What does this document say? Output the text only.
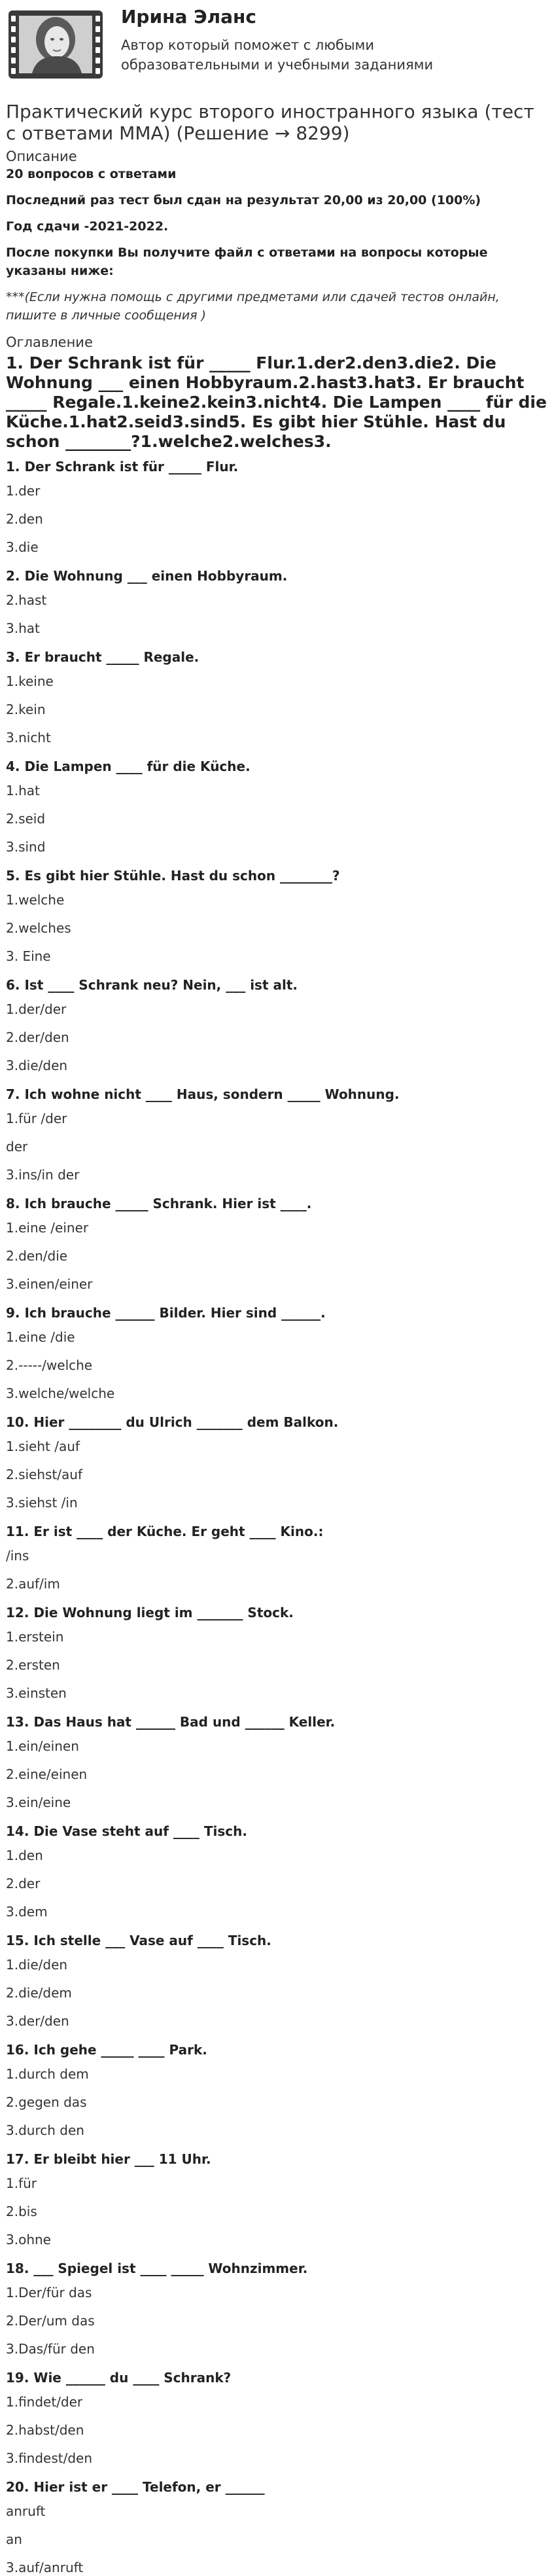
Ирина Эланс
Автор который поможет с любыми образовательными и учебными заданиями
Практический курс второго иностранного языка (тест с ответами ММА) (Решение → 8299)
Описание

20 вопросов с ответами

Последний раз тест был сдан на результат 20,00 из 20,00 (100%)

Год сдачи -2021-2022.

После покупки Вы получите файл с ответами на вопросы которые указаны ниже:

***(Если нужна помощь с другими предметами или сдачей тестов онлайн, пишите в личные сообщения )

Оглавление
1. Der Schrank ist für _____ Flur.1.der2.den3.die2. Die Wohnung ___ einen Hobbyraum.2.hast3.hat3. Er braucht _____ Regale.1.keine2.kein3.nicht4. Die Lampen ____ für die Küche.1.hat2.seid3.sind5. Es gibt hier Stühle. Hast du schon ________?1.welche2.welches3.
1. Der Schrank ist für _____ Flur.
1.der
2.den
3.die
2. Die Wohnung ___ einen Hobbyraum.
2.hast
3.hat
3. Er braucht _____ Regale.
1.keine
2.kein
3.nicht
4. Die Lampen ____ für die Küche.
1.hat
2.seid
3.sind
5. Es gibt hier Stühle. Hast du schon ________?
1.welche
2.welches
3. Eine
6. Ist ____ Schrank neu? Nein, ___ ist alt.
1.der/der
2.der/den
3.die/den
7. Ich wohne nicht ____ Haus, sondern _____ Wohnung.
1.für /der
der
3.ins/in der
8. Ich brauche _____ Schrank. Hier ist ____.
1.eine /einer
2.den/die
3.einen/einer
9. Ich brauche ______ Bilder. Hier sind ______.
1.eine /die
2.-----/welche
3.welche/welche
10. Hier ________ du Ulrich _______ dem Balkon.
1.sieht /auf
2.siehst/auf
3.siehst /in
11. Er ist ____ der Küche. Er geht ____ Kino.:
/ins
2.auf/im
12. Die Wohnung liegt im _______ Stock.
1.erstein
2.ersten
3.einsten
13. Das Haus hat ______ Bad und ______ Keller.
1.ein/einen
2.eine/einen
3.ein/eine
14. Die Vase steht auf ____ Tisch.
1.den
2.der
3.dem
15. Ich stelle ___ Vase auf ____ Tisch.
1.die/den
2.die/dem
3.der/den
16. Ich gehe _____ ____ Park.
1.durch dem
2.gegen das
3.durch den
17. Er bleibt hier ___ 11 Uhr.
1.für
2.bis
3.ohne
18. ___ Spiegel ist ____ _____ Wohnzimmer.
1.Der/für das
2.Der/um das
3.Das/für den
19. Wie ______ du ____ Schrank?
1.findet/der
2.habst/den
3.findest/den
20. Hier ist er ____ Telefon, er ______
anruft
an
3.auf/anruft
